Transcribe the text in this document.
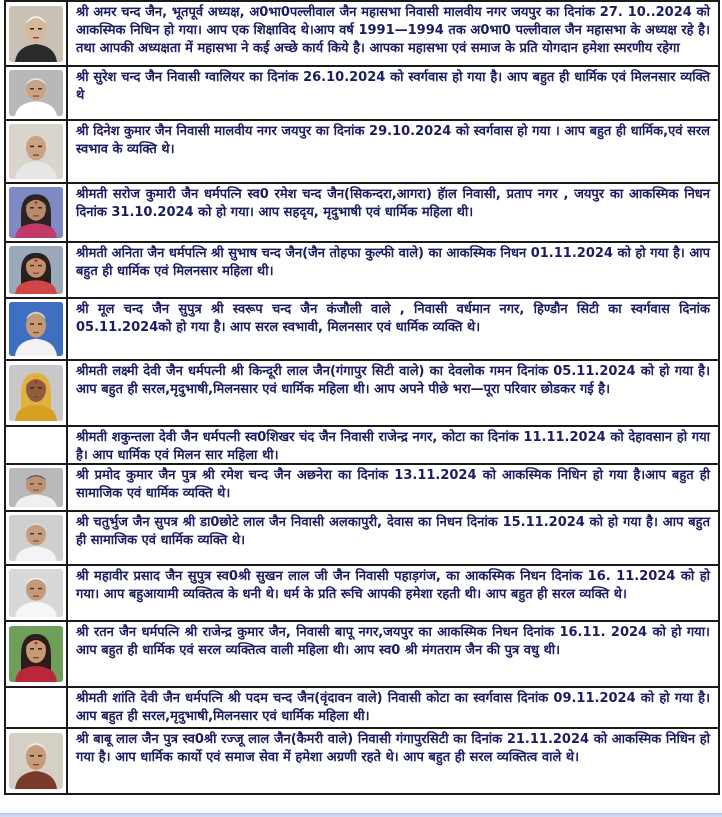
श्री अमर चन्द जैन, भूतपूर्व अध्यक्ष, अ0भा0पल्लीवाल जैन महासभा निवासी मालवीय नगर जयपुर का दिनांक 27. 10..2024 को आकस्मिक निधिन हो गया। आप एक शिक्षाविद थे।आप वर्ष 1991—1994 तक अ0भा0 पल्लीवाल जैन महासभा के अध्यक्ष रहे है। तथा आपकी अध्यक्षता में महासभा ने कई अच्छे कार्य किये है। आपका महासभा एवं समाज के प्रति योगदान हमेशा स्मरणीय रहेगा
श्री सुरेश चन्द जैन निवासी ग्वालियर का दिनांक 26.10.2024 को स्वर्गवास हो गया है। आप बहुत ही धार्मिक एवं मिलनसार व्यक्ति थे
श्री दिनेश कुमार जैन निवासी मालवीय नगर जयपुर का दिनांक 29.10.2024 को स्वर्गवास हो गया । आप बहुत ही धार्मिक,एवं सरल स्वभाव के व्यक्ति थे।
श्रीमती सरोज कुमारी जैन धर्मपत्नि स्व0 रमेश चन्द जैन(सिकन्दरा,आगरा) हॅाल निवासी, प्रताप नगर , जयपुर का आकस्मिक निधन दिनांक 31.10.2024 को हो गया। आप सहदृय, मृदुभाषी एवं धार्मिक महिला थी।
श्रीमती अनिता जैन धर्मपत्नि श्री सुभाष चन्द जैन(जैन तोहफा कुल्फी वाले) का आकस्मिक निधन 01.11.2024 को हो गया है। आप बहुत ही धार्मिक एवं मिलनसार महिला थी।
श्री मूल चन्द जैन सुपुत्र श्री स्वरूप चन्द जैन कंजौली वाले , निवासी वर्धमान नगर, हिण्डौन सिटी का स्वर्गवास दिनांक 05.11.2024को हो गया है। आप सरल स्वभावी, मिलनसार एवं धार्मिक व्यक्ति थे।
श्रीमती लक्ष्मी देवी जैन धर्मपत्नी श्री किन्दूरी लाल जैन(गंगापुर सिटी वाले) का देवलोक गमन दिनांक 05.11.2024 को हो गया है। आप बहुत ही सरल,मृदुभाषी,मिलनसार एवं धार्मिक महिला थी। आप अपने पीछे भरा—पूरा परिवार छोडकर गई है।
श्रीमती शकुन्तला देवी जैन धर्मपत्नी स्व0शिखर चंद जैन निवासी राजेन्द्र नगर, कोटा का दिनांक 11.11.2024 को देहावसान हो गया है। आप धार्मिक एवं मिलन सार महिला थी।
श्री प्रमोद कुमार जैन पुत्र श्री रमेश चन्द जैन अछनेरा का दिनांक 13.11.2024 को आकस्मिक निधिन हो गया है।आप बहुत ही सामाजिक एवं धार्मिक व्यक्ति थे।
श्री चतुर्भुज जैन सुपत्र श्री डा0छोटे लाल जैन निवासी अलकापुरी, देवास का निधन दिनांक 15.11.2024 को हो गया है। आप बहुत ही सामाजिक एवं धार्मिक व्यक्ति थे।
श्री महावीर प्रसाद जैन सुपुत्र स्व0श्री सुखन लाल जी जैन निवासी पहाड़गंज, का आकस्मिक निधन दिनांक 16. 11.2024 को हो गया। आप बहुआयामी व्यक्तित्व के धनी थे। धर्म के प्रति रूचि आपकी हमेशा रहती थी। आप बहुत ही सरल व्यक्ति थे।
श्री रतन जैन धर्मपत्नि श्री राजेन्द्र कुमार जैन, निवासी बापू नगर,जयपुर का आकस्मिक निधन दिनांक 16.11. 2024 को हो गया। आप बहुत ही धार्मिक एवं सरल व्यक्तित्व वाली महिला थी। आप स्व0 श्री मंगतराम जैन की पुत्र वधु थी।
श्रीमती शांति देवी जैन धर्मपत्नि श्री पदम चन्द जैन(वृंदावन वाले) निवासी कोटा का स्वर्गवास दिनांक 09.11.2024 को हो गया है। आप बहुत ही सरल,मृदुभाषी,मिलनसार एवं धार्मिक महिला थी।
श्री बाबू लाल जैन पुत्र स्व0श्री रज्जू लाल जैन(कैमरी वाले) निवासी गंगापुरसिटी का दिनांक 21.11.2024 को आकस्मिक निधिन हो गया है। आप धार्मिक कार्यो एवं समाज सेवा में हमेशा अग्रणी रहते थे। आप बहुत ही सरल व्यक्तित्व वाले थे।
